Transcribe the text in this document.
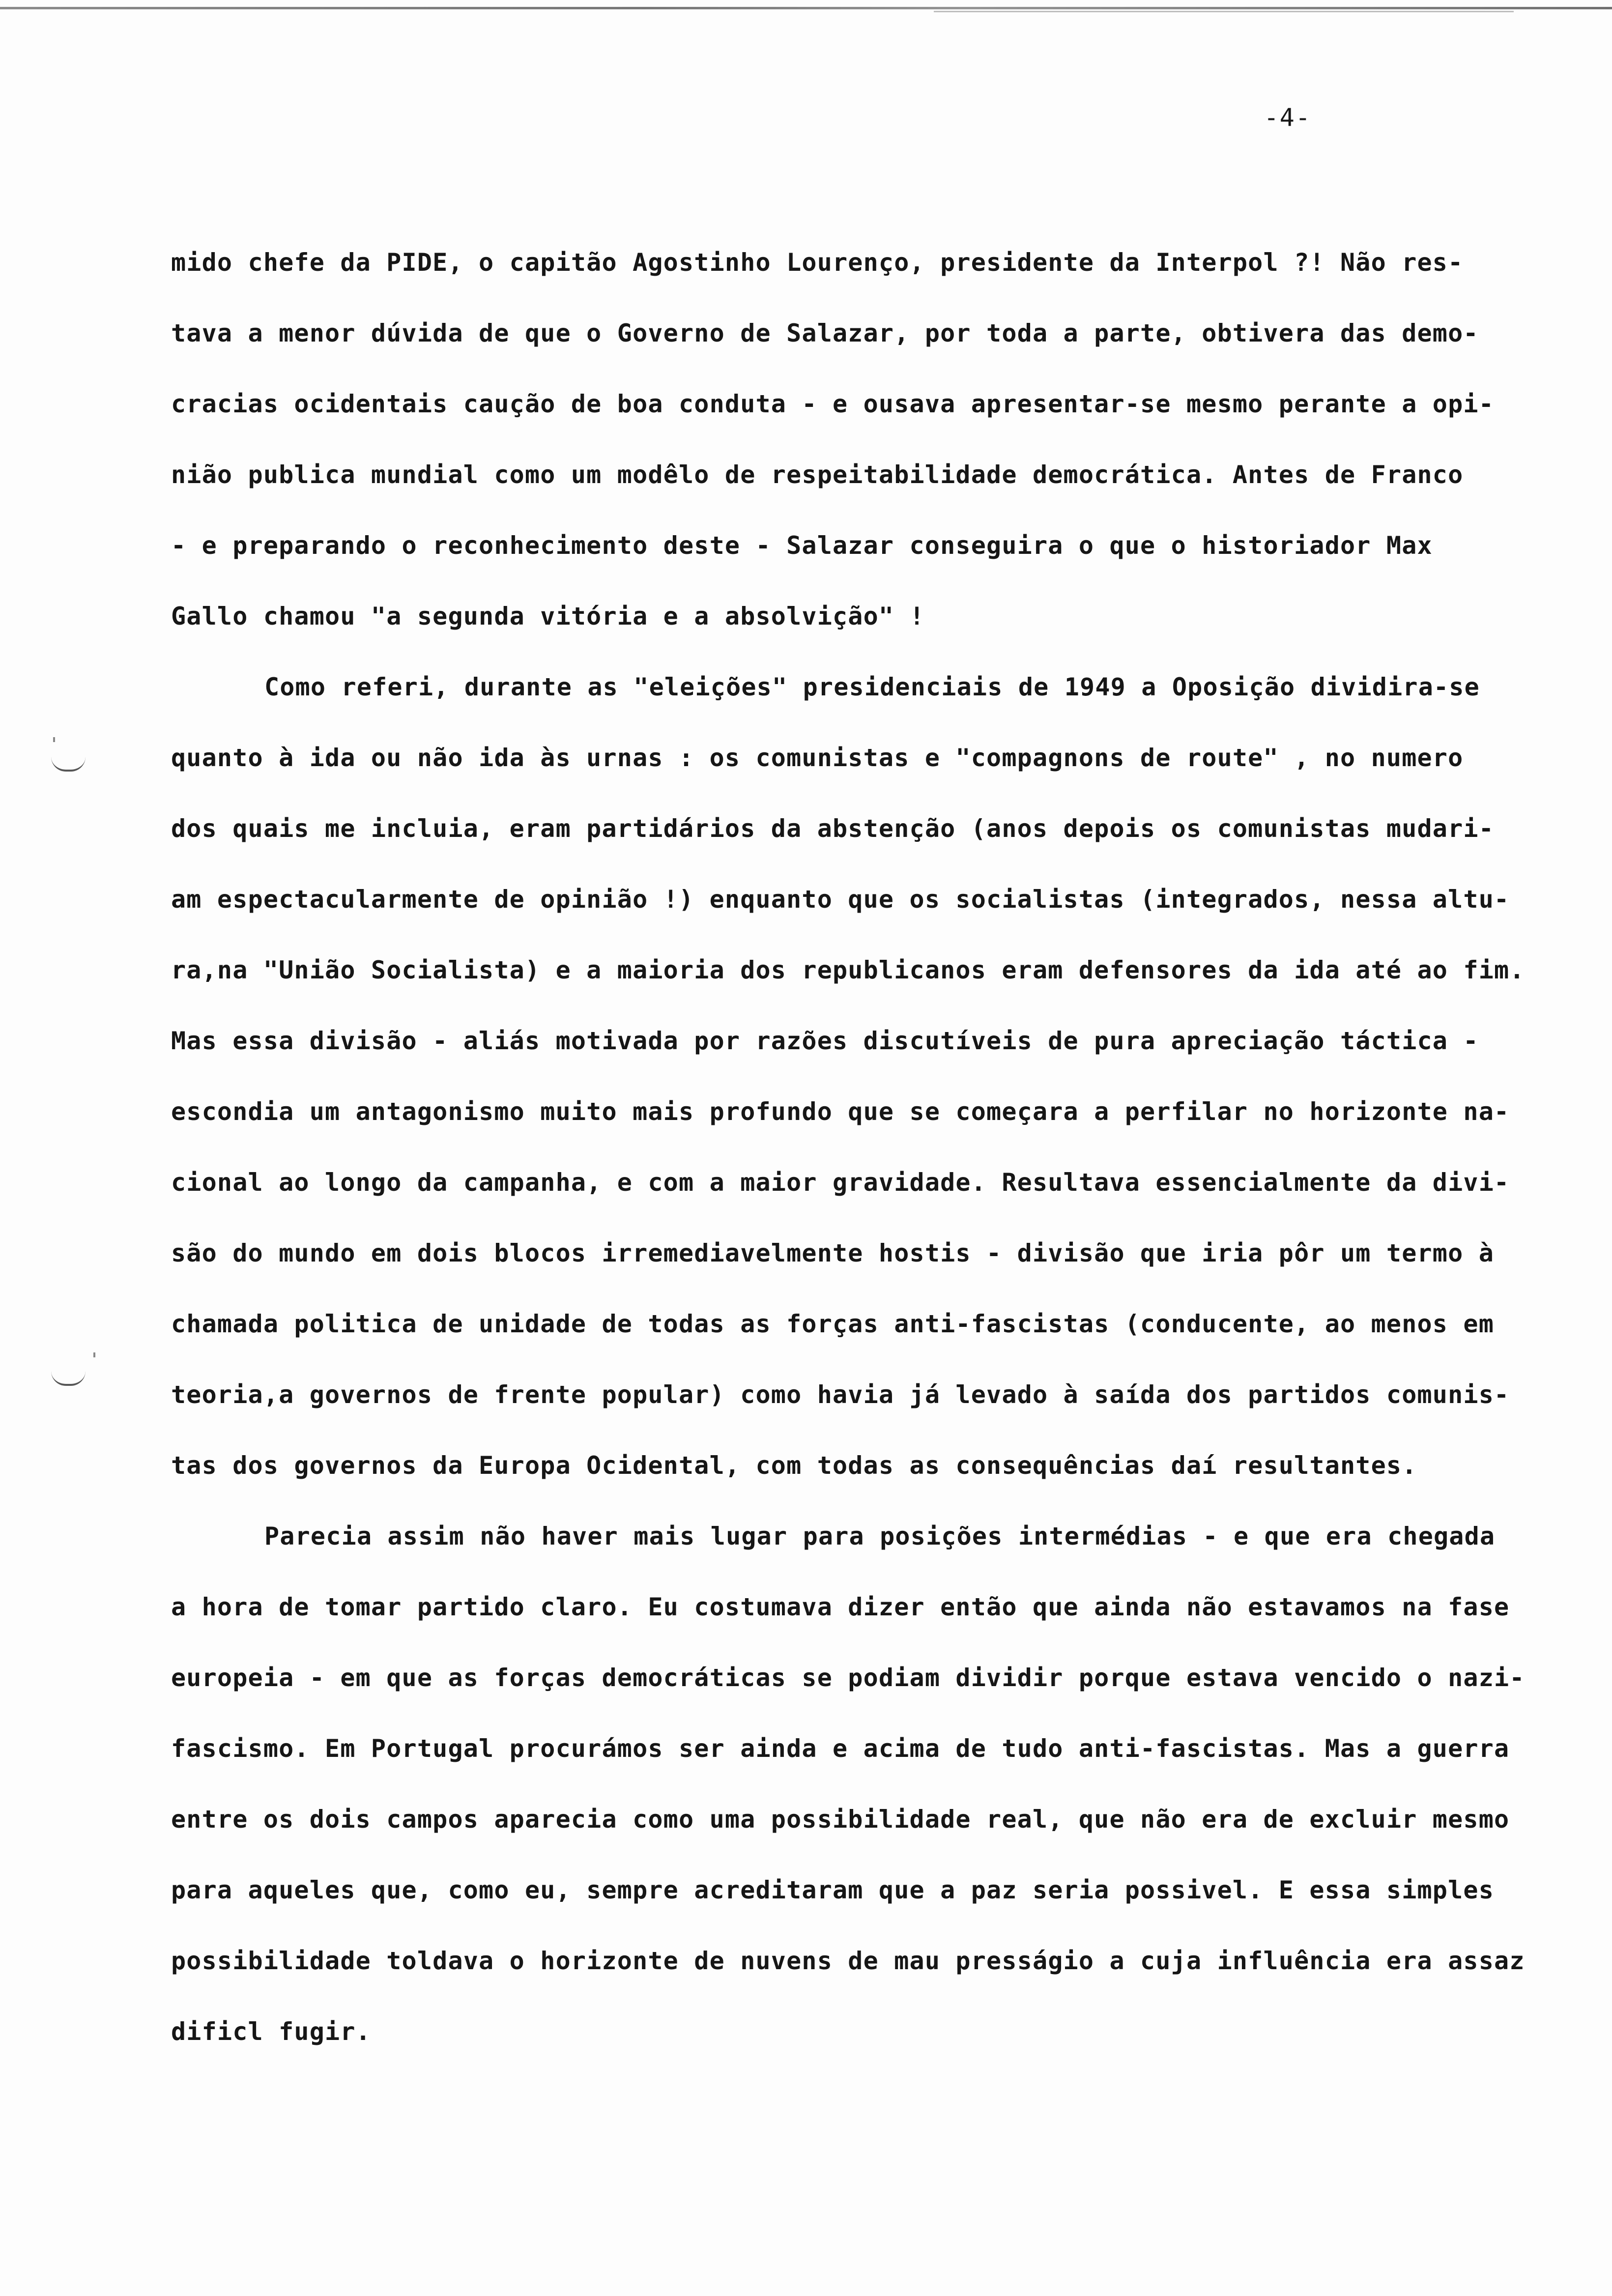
-4-
mido chefe da PIDE, o capitão Agostinho Lourenço, presidente da Interpol ?! Não res-
tava a menor dúvida de que o Governo de Salazar, por toda a parte, obtivera das demo-
cracias ocidentais caução de boa conduta - e ousava apresentar-se mesmo perante a opi-
nião publica mundial como um modêlo de respeitabilidade democrática. Antes de Franco
- e preparando o reconhecimento deste - Salazar conseguira o que o historiador Max
Gallo chamou "a segunda vitória e a absolvição" !
Como referi, durante as "eleições" presidenciais de 1949 a Oposição dividira-se
quanto à ida ou não ida às urnas : os comunistas e "compagnons de route" , no numero
dos quais me incluia, eram partidários da abstenção (anos depois os comunistas mudari-
am espectacularmente de opinião !) enquanto que os socialistas (integrados, nessa altu-
ra,na "União Socialista) e a maioria dos republicanos eram defensores da ida até ao fim.
Mas essa divisão - aliás motivada por razões discutíveis de pura apreciação táctica -
escondia um antagonismo muito mais profundo que se começara a perfilar no horizonte na-
cional ao longo da campanha, e com a maior gravidade. Resultava essencialmente da divi-
são do mundo em dois blocos irremediavelmente hostis - divisão que iria pôr um termo à
chamada politica de unidade de todas as forças anti-fascistas (conducente, ao menos em
teoria,a governos de frente popular) como havia já levado à saída dos partidos comunis-
tas dos governos da Europa Ocidental, com todas as consequências daí resultantes.
Parecia assim não haver mais lugar para posições intermédias - e que era chegada
a hora de tomar partido claro. Eu costumava dizer então que ainda não estavamos na fase
europeia - em que as forças democráticas se podiam dividir porque estava vencido o nazi-
fascismo. Em Portugal procurámos ser ainda e acima de tudo anti-fascistas. Mas a guerra
entre os dois campos aparecia como uma possibilidade real, que não era de excluir mesmo
para aqueles que, como eu, sempre acreditaram que a paz seria possivel. E essa simples
possibilidade toldava o horizonte de nuvens de mau presságio a cuja influência era assaz
dificl fugir.
